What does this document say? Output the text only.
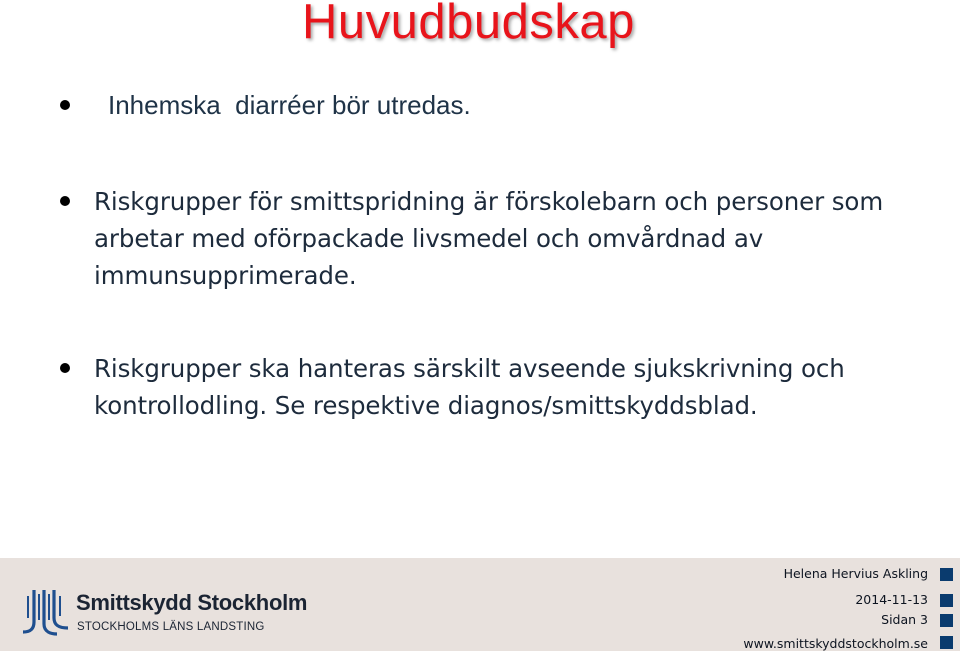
Huvudbudskap
Inhemska  diarréer bör utredas.
Riskgrupper för smittspridning är förskolebarn och personer som arbetar med oförpackade livsmedel och omvårdnad av immunsupprimerade.
Riskgrupper ska hanteras särskilt avseende sjukskrivning och kontrollodling. Se respektive diagnos/smittskyddsblad.
Smittskydd Stockholm
STOCKHOLMS LÄNS LANDSTING
Helena Hervius Askling
2014-11-13
Sidan 3
www.smittskyddstockholm.se
